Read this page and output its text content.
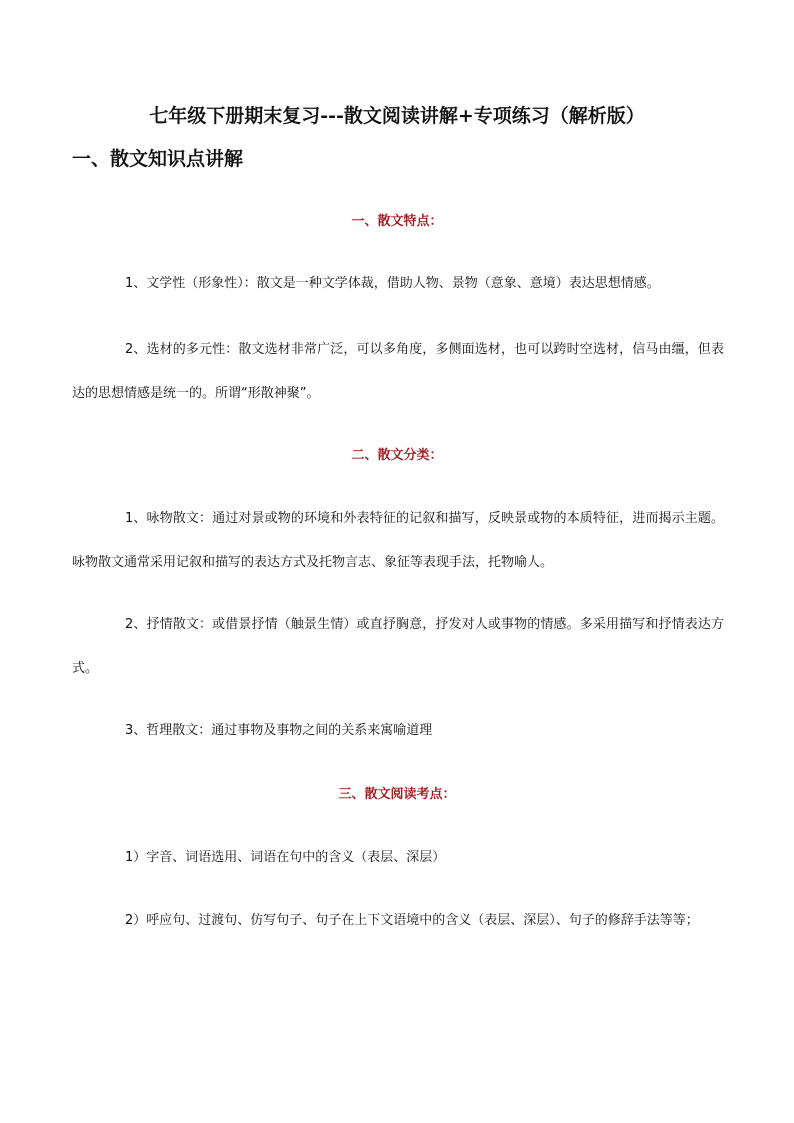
七年级下册期末复习---散文阅读讲解+专项练习（解析版）
一、散文知识点讲解
一、散文特点：

1、文学性（形象性）：散文是一种文学体裁，借助人物、景物（意象、意境）表达思想情感。

2、选材的多元性：散文选材非常广泛，可以多角度，多侧面选材，也可以跨时空选材，信马由缰，但表达的思想情感是统一的。所谓“形散神聚”。

二、散文分类：

1、咏物散文：通过对景或物的环境和外表特征的记叙和描写，反映景或物的本质特征，进而揭示主题。咏物散文通常采用记叙和描写的表达方式及托物言志、象征等表现手法，托物喻人。

2、抒情散文：或借景抒情（触景生情）或直抒胸意，抒发对人或事物的情感。多采用描写和抒情表达方式。

3、哲理散文：通过事物及事物之间的关系来寓喻道理

三、散文阅读考点：

1）字音、词语选用、词语在句中的含义（表层、深层）

2）呼应句、过渡句、仿写句子、句子在上下文语境中的含义（表层、深层）、句子的修辞手法等等；
